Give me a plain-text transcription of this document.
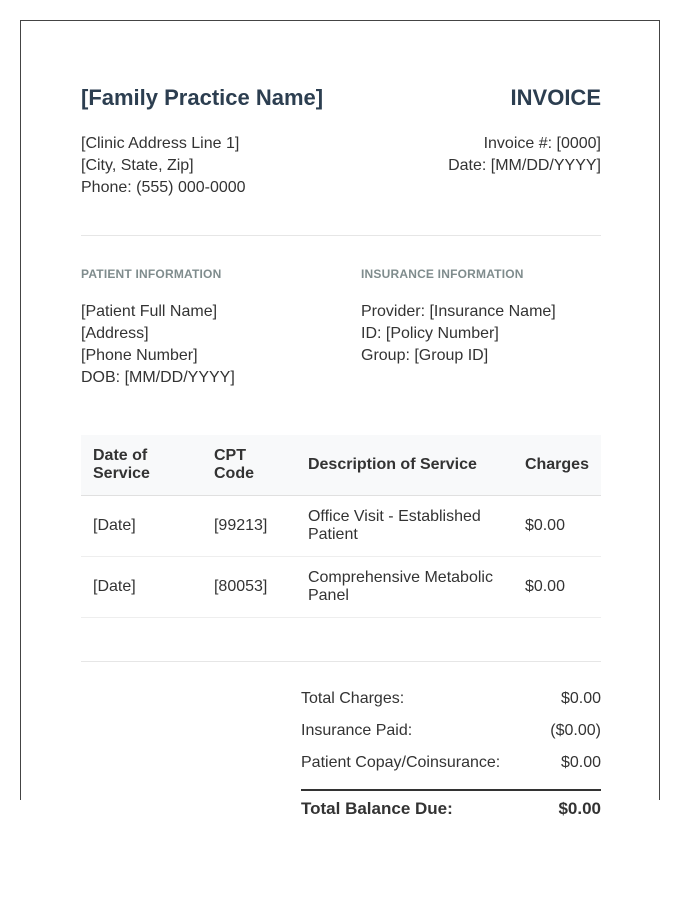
[Family Practice Name]	INVOICE
[Clinic Address Line 1]
[City, State, Zip]
Phone: (555) 000-0000
Invoice #: [0000]
Date: [MM/DD/YYYY]
PATIENT INFORMATION	INSURANCE INFORMATION
[Patient Full Name]
[Address]
[Phone Number]
DOB: [MM/DD/YYYY]
Provider: [Insurance Name]
ID: [Policy Number]
Group: [Group ID]
Date of Service	CPT Code	Description of Service	Charges
[Date]	[99213]	Office Visit - Established Patient	$0.00
[Date]	[80053]	Comprehensive Metabolic Panel	$0.00
Total Charges:	$0.00
Insurance Paid:	($0.00)
Patient Copay/Coinsurance:	$0.00
Total Balance Due:	$0.00
